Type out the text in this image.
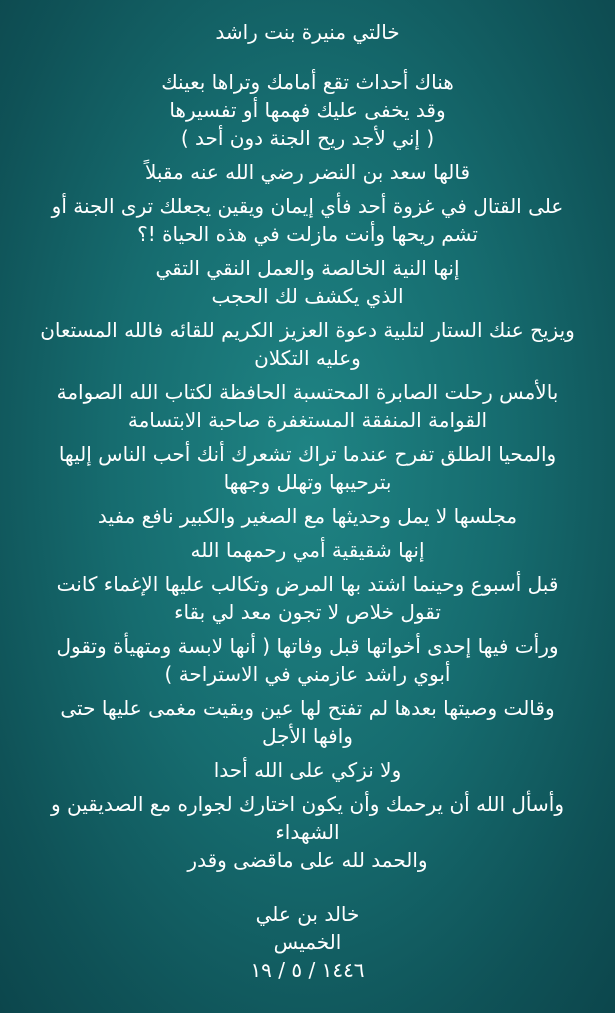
خالتي منيرة بنت راشد
هناك أحداث تقع أمامك وتراها بعينك
وقد يخفى عليك فهمها أو تفسيرها
( إني لأجد ريح الجنة دون أحد )
قالها سعد بن النضر رضي الله عنه مقبلاً
على القتال في غزوة أحد فأي إيمان ويقين يجعلك ترى الجنة أو
تشم ريحها وأنت مازلت في هذه الحياة !؟
إنها النية الخالصة والعمل النقي التقي
الذي يكشف لك الحجب
ويزيح عنك الستار لتلبية دعوة العزيز الكريم للقائه فالله المستعان
وعليه التكلان
بالأمس رحلت الصابرة المحتسبة الحافظة لكتاب الله الصوامة
القوامة المنفقة المستغفرة صاحبة الابتسامة
والمحيا الطلق تفرح عندما تراك تشعرك أنك أحب الناس إليها
بترحيبها وتهلل وجهها
مجلسها لا يمل وحديثها مع الصغير والكبير نافع مفيد
إنها شقيقية أمي رحمهما الله
قبل أسبوع وحينما اشتد بها المرض وتكالب عليها الإغماء كانت
تقول خلاص لا تجون معد لي بقاء
ورأت فيها إحدى أخواتها قبل وفاتها ( أنها لابسة ومتهيأة وتقول
أبوي راشد عازمني في الاستراحة )
وقالت وصيتها بعدها لم تفتح لها عين وبقيت مغمى عليها حتى
وافها الأجل
ولا نزكي على الله أحدا
وأسأل الله أن يرحمك وأن يكون اختارك لجواره مع الصديقين و
الشهداء
والحمد لله على ماقضى وقدر
خالد بن علي
الخميس
١٤٤٦ / ٥ / ١٩
